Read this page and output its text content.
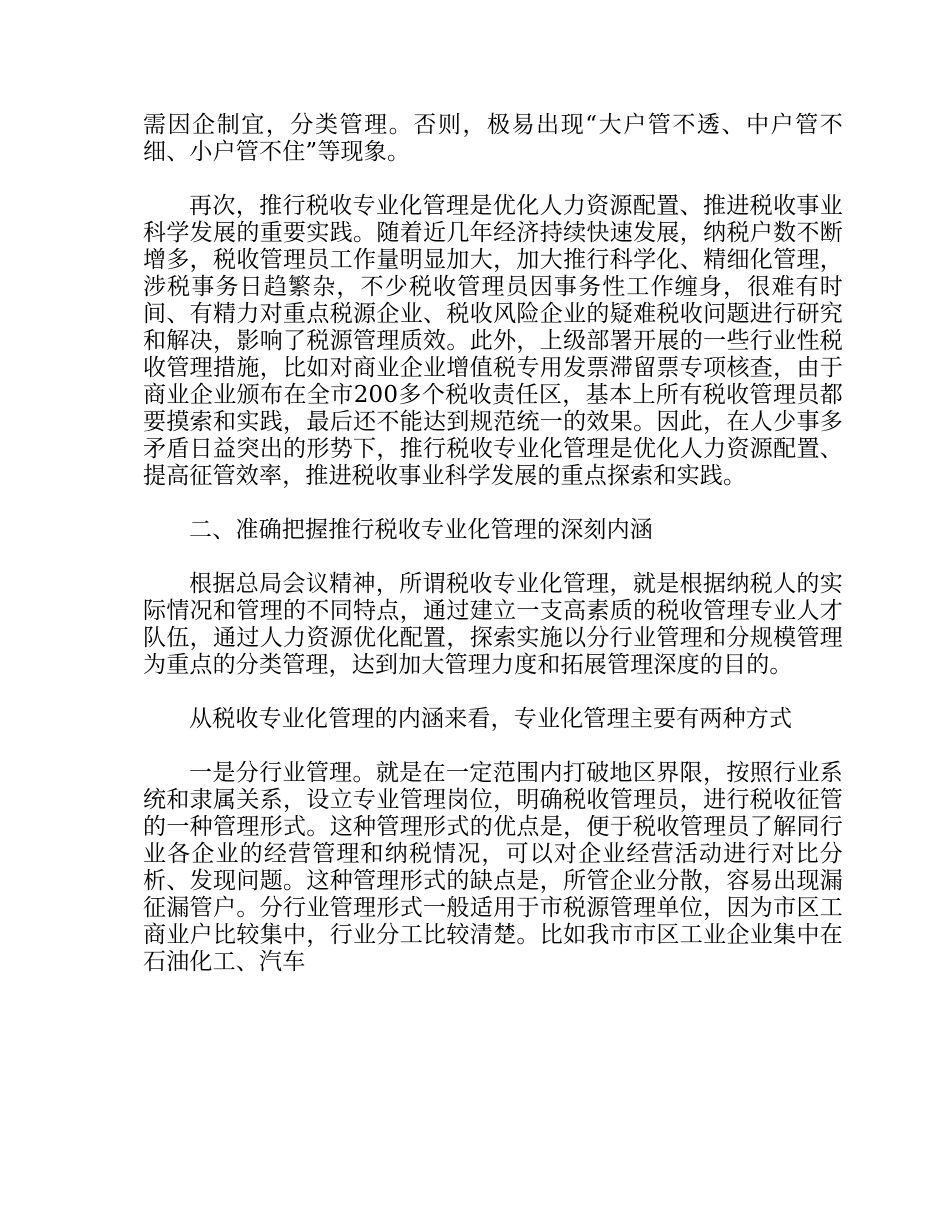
需因企制宜，分类管理。否则，极易出现“大户管不透、中户管不细、小户管不住”等现象。

再次，推行税收专业化管理是优化人力资源配置、推进税收事业科学发展的重要实践。随着近几年经济持续快速发展，纳税户数不断增多，税收管理员工作量明显加大，加大推行科学化、精细化管理，涉税事务日趋繁杂，不少税收管理员因事务性工作缠身，很难有时间、有精力对重点税源企业、税收风险企业的疑难税收问题进行研究和解决，影响了税源管理质效。此外，上级部署开展的一些行业性税收管理措施，比如对商业企业增值税专用发票滞留票专项核查，由于商业企业颁布在全市200多个税收责任区，基本上所有税收管理员都要摸索和实践，最后还不能达到规范统一的效果。因此，在人少事多矛盾日益突出的形势下，推行税收专业化管理是优化人力资源配置、提高征管效率，推进税收事业科学发展的重点探索和实践。

二、准确把握推行税收专业化管理的深刻内涵

根据总局会议精神，所谓税收专业化管理，就是根据纳税人的实际情况和管理的不同特点，通过建立一支高素质的税收管理专业人才队伍，通过人力资源优化配置，探索实施以分行业管理和分规模管理为重点的分类管理，达到加大管理力度和拓展管理深度的目的。

从税收专业化管理的内涵来看，专业化管理主要有两种方式

一是分行业管理。就是在一定范围内打破地区界限，按照行业系统和隶属关系，设立专业管理岗位，明确税收管理员，进行税收征管的一种管理形式。这种管理形式的优点是，便于税收管理员了解同行业各企业的经营管理和纳税情况，可以对企业经营活动进行对比分析、发现问题。这种管理形式的缺点是，所管企业分散，容易出现漏征漏管户。分行业管理形式一般适用于市税源管理单位，因为市区工商业户比较集中，行业分工比较清楚。比如我市市区工业企业集中在石油化工、汽车
